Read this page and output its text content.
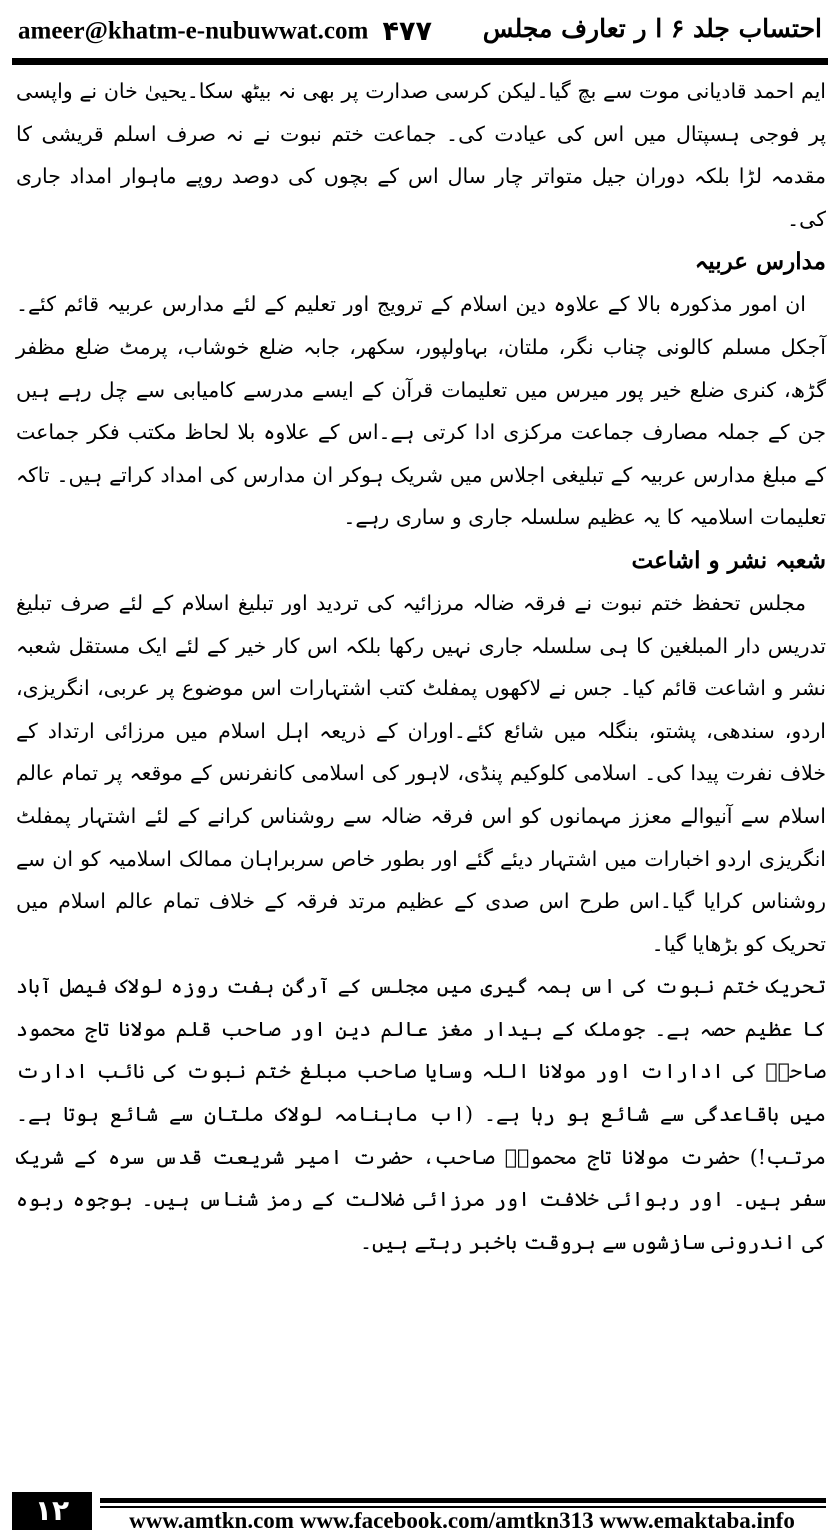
ameer@khatm-e-nubuwwat.com ۴۷۷ احتساب جلد ۶ ا ر تعارف مجلس

ایم احمد قادیانی موت سے بچ گیا۔لیکن کرسی صدارت پر بھی نہ بیٹھ سکا۔یحییٰ خان نے واپسی پر فوجی ہسپتال میں اس کی عیادت کی۔ جماعت ختم نبوت نے نہ صرف اسلم قریشی کا مقدمہ لڑا بلکہ دوران جیل متواتر چار سال اس کے بچوں کی دوصد روپے ماہوار امداد جاری کی۔

مدارس عربیہ

ان امور مذکورہ بالا کے علاوہ دین اسلام کے ترویج اور تعلیم کے لئے مدارس عربیہ قائم کئے۔ آجکل مسلم کالونی چناب نگر، ملتان، بہاولپور، سکھر، جابہ ضلع خوشاب، پرمٹ ضلع مظفر گڑھ، کنری ضلع خیر پور میرس میں تعلیمات قرآن کے ایسے مدرسے کامیابی سے چل رہے ہیں جن کے جملہ مصارف جماعت مرکزی ادا کرتی ہے۔اس کے علاوہ بلا لحاظ مکتب فکر جماعت کے مبلغ مدارس عربیہ کے تبلیغی اجلاس میں شریک ہوکر ان مدارس کی امداد کراتے ہیں۔ تاکہ تعلیمات اسلامیہ کا یہ عظیم سلسلہ جاری و ساری رہے۔

شعبہ نشر و اشاعت

مجلس تحفظ ختم نبوت نے فرقہ ضالہ مرزائیہ کی تردید اور تبلیغ اسلام کے لئے صرف تبلیغ تدریس دار المبلغین کا ہی سلسلہ جاری نہیں رکھا بلکہ اس کار خیر کے لئے ایک مستقل شعبہ نشر و اشاعت قائم کیا۔ جس نے لاکھوں پمفلٹ کتب اشتہارات اس موضوع پر عربی، انگریزی، اردو، سندھی، پشتو، بنگلہ میں شائع کئے۔اوران کے ذریعہ اہل اسلام میں مرزائی ارتداد کے خلاف نفرت پیدا کی۔ اسلامی کلوکیم پنڈی، لاہور کی اسلامی کانفرنس کے موقعہ پر تمام عالم اسلام سے آنیوالے معزز مہمانوں کو اس فرقہ ضالہ سے روشناس کرانے کے لئے اشتہار پمفلٹ انگریزی اردو اخبارات میں اشتہار دیئے گئے اور بطور خاص سربراہان ممالک اسلامیہ کو ان سے روشناس کرایا گیا۔اس طرح اس صدی کے عظیم مرتد فرقہ کے خلاف تمام عالم اسلام میں تحریک کو بڑھایا گیا۔

تحریک ختم نبوت کی اس ہمہ گیری میں مجلس کے آرگن ہفت روزہ لولاک فیصل آباد کا عظیم حصہ ہے۔ جوملک کے بیدار مغز عالم دین اور صاحب قلم مولانا تاج محمود صاحبؒ کی ادارات اور مولانا اللہ وسایا صاحب مبلغ ختم نبوت کی نائب ادارت میں باقاعدگی سے شائع ہو رہا ہے۔ (اب ماہنامہ لولاک ملتان سے شائع ہوتا ہے۔مرتب!) حضرت مولانا تاج محمودؒ صاحب، حضرت امیر شریعت قدس سرہ کے شریک سفر ہیں۔ اور ربوائی خلافت اور مرزائی ضلالت کے رمز شناس ہیں۔ بوجوہ ربوہ کی اندرونی سازشوں سے ہروقت باخبر رہتے ہیں۔

۱۲	www.amtkn.com www.facebook.com/amtkn313 www.emaktaba.info
